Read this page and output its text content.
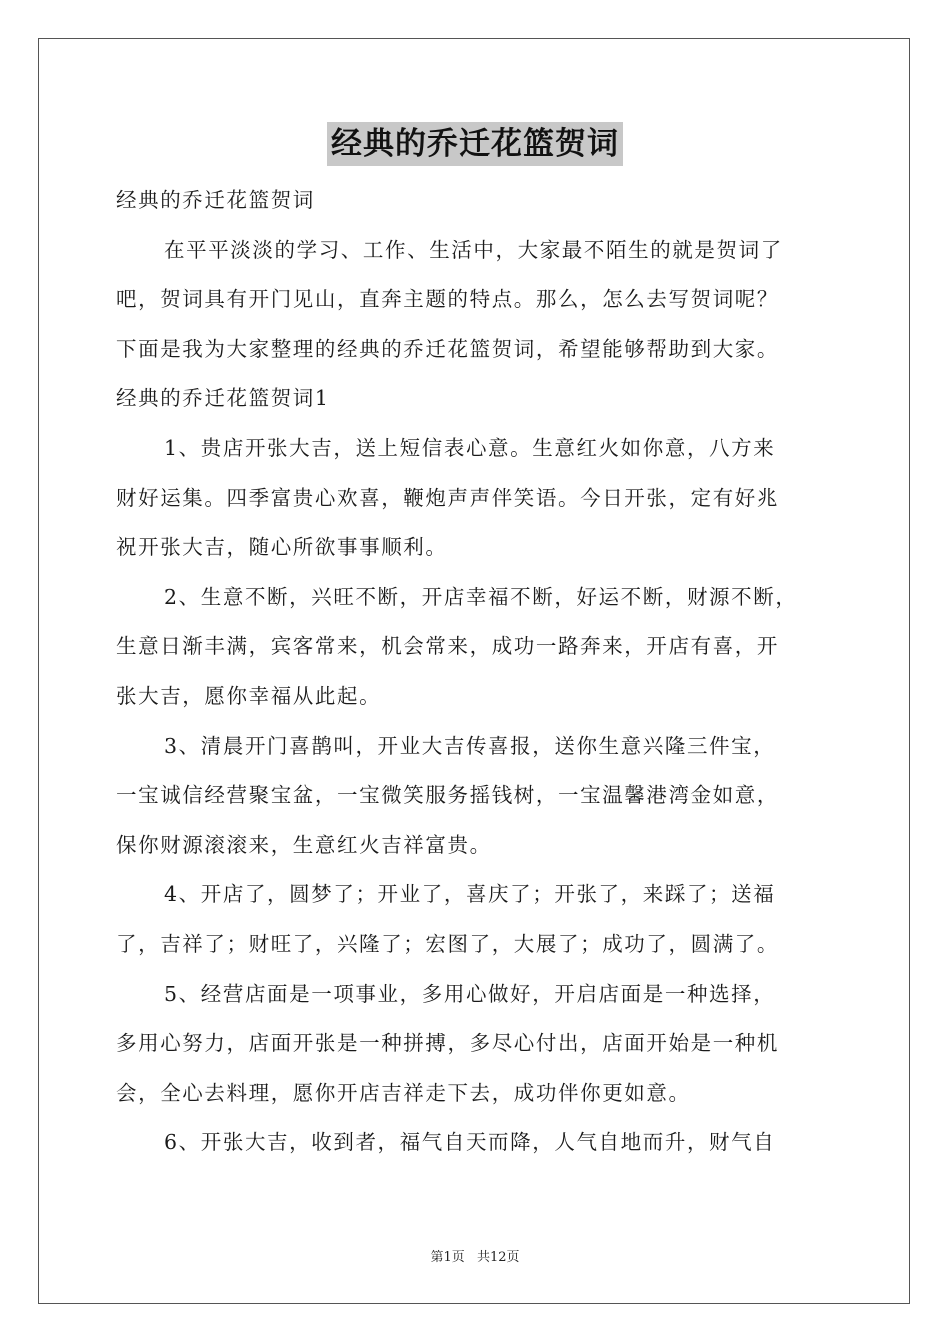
经典的乔迁花篮贺词
经典的乔迁花篮贺词
在平平淡淡的学习、工作、生活中，大家最不陌生的就是贺词了
吧，贺词具有开门见山，直奔主题的特点。那么，怎么去写贺词呢？
下面是我为大家整理的经典的乔迁花篮贺词，希望能够帮助到大家。
经典的乔迁花篮贺词1
1、贵店开张大吉，送上短信表心意。生意红火如你意，八方来
财好运集。四季富贵心欢喜，鞭炮声声伴笑语。今日开张，定有好兆
祝开张大吉，随心所欲事事顺利。
2、生意不断，兴旺不断，开店幸福不断，好运不断，财源不断，
生意日渐丰满，宾客常来，机会常来，成功一路奔来，开店有喜，开
张大吉，愿你幸福从此起。
3、清晨开门喜鹊叫，开业大吉传喜报，送你生意兴隆三件宝，
一宝诚信经营聚宝盆，一宝微笑服务摇钱树，一宝温馨港湾金如意，
保你财源滚滚来，生意红火吉祥富贵。
4、开店了，圆梦了；开业了，喜庆了；开张了，来踩了；送福
了，吉祥了；财旺了，兴隆了；宏图了，大展了；成功了，圆满了。
5、经营店面是一项事业，多用心做好，开启店面是一种选择，
多用心努力，店面开张是一种拼搏，多尽心付出，店面开始是一种机
会，全心去料理，愿你开店吉祥走下去，成功伴你更如意。
6、开张大吉，收到者，福气自天而降，人气自地而升，财气自
第1页 共12页
